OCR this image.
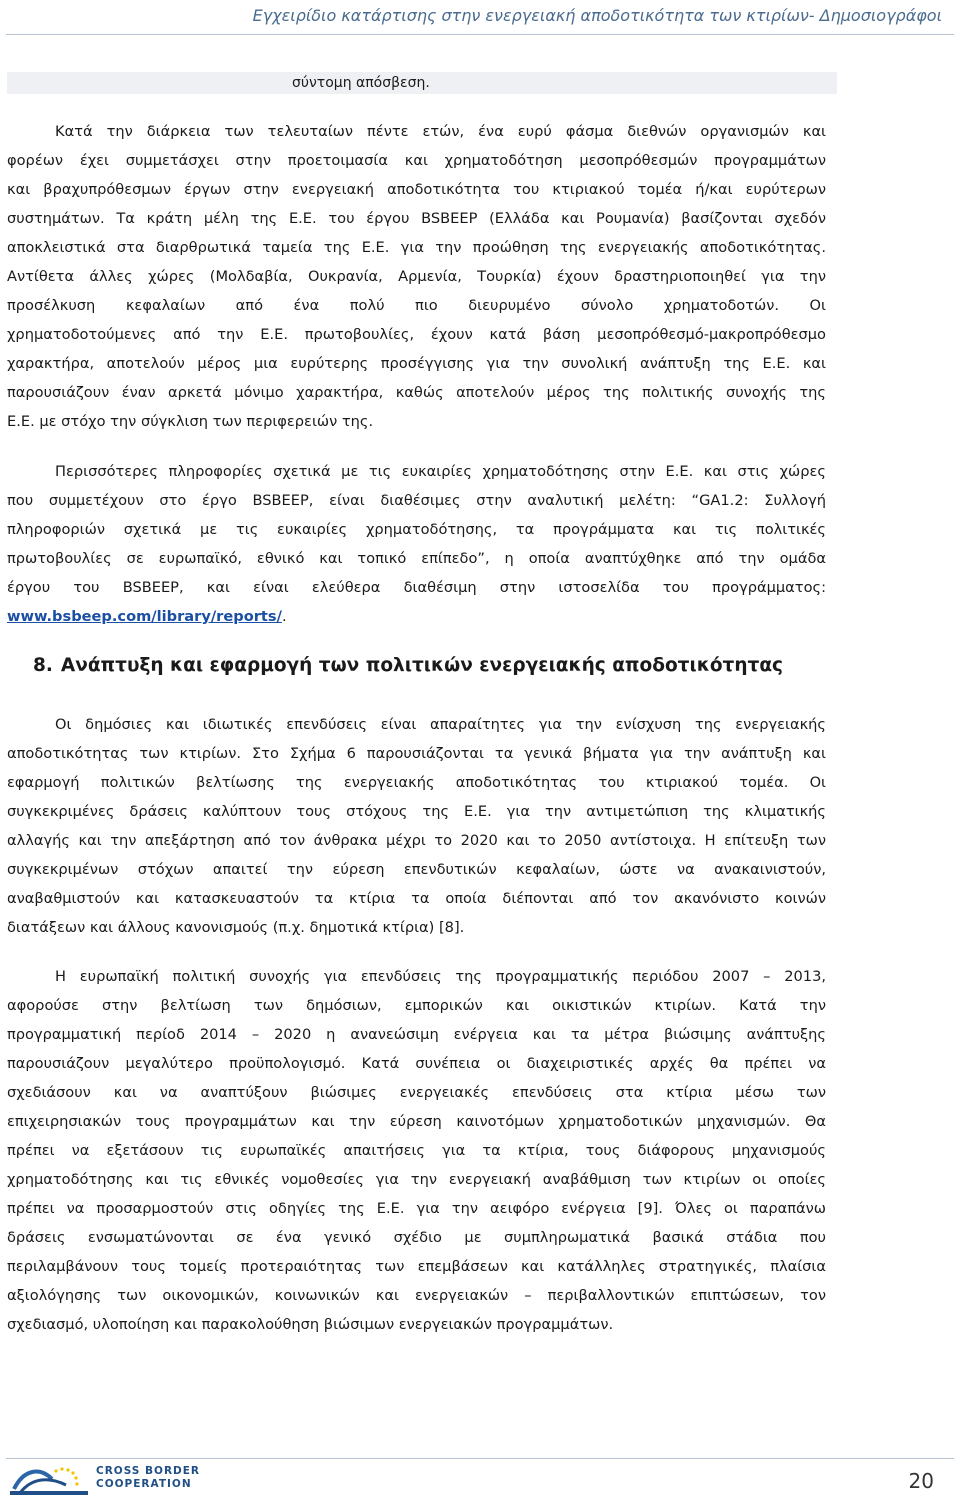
Εγχειρίδιο κατάρτισης στην ενεργειακή αποδοτικότητα των κτιρίων- Δημοσιογράφοι
σύντομη απόσβεση.

Κατά την διάρκεια των τελευταίων πέντε ετών, ένα ευρύ φάσμα διεθνών οργανισμών και
φορέων έχει συμμετάσχει στην προετοιμασία και χρηματοδότηση μεσοπρόθεσμών προγραμμάτων
και βραχυπρόθεσμων έργων στην ενεργειακή αποδοτικότητα του κτιριακού τομέα ή/και ευρύτερων
συστημάτων. Τα κράτη μέλη της Ε.Ε. του έργου BSBEEP (Ελλάδα και Ρουμανία) βασίζονται σχεδόν
αποκλειστικά στα διαρθρωτικά ταμεία της Ε.Ε. για την προώθηση της ενεργειακής αποδοτικότητας.
Αντίθετα άλλες χώρες (Μολδαβία, Ουκρανία, Αρμενία, Τουρκία) έχουν δραστηριοποιηθεί για την
προσέλκυση κεφαλαίων από ένα πολύ πιο διευρυμένο σύνολο χρηματοδοτών. Οι
χρηματοδοτούμενες από την Ε.Ε. πρωτοβουλίες, έχουν κατά βάση μεσοπρόθεσμό-μακροπρόθεσμο
χαρακτήρα, αποτελούν μέρος μια ευρύτερης προσέγγισης για την συνολική ανάπτυξη της Ε.Ε. και
παρουσιάζουν έναν αρκετά μόνιμο χαρακτήρα, καθώς αποτελούν μέρος της πολιτικής συνοχής της
Ε.Ε. με στόχο την σύγκλιση των περιφερειών της.

Περισσότερες πληροφορίες σχετικά με τις ευκαιρίες χρηματοδότησης στην Ε.Ε. και στις χώρες
που συμμετέχουν στο έργο BSBEEP, είναι διαθέσιμες στην αναλυτική μελέτη: “GA1.2: Συλλογή
πληροφοριών σχετικά με τις ευκαιρίες χρηματοδότησης, τα προγράμματα και τις πολιτικές
πρωτοβουλίες σε ευρωπαϊκό, εθνικό και τοπικό επίπεδο”, η οποία αναπτύχθηκε από την ομάδα
έργου του BSBEEP, και είναι ελεύθερα διαθέσιμη στην ιστοσελίδα του προγράμματος:
www.bsbeep.com/library/reports/.

8. Ανάπτυξη και εφαρμογή των πολιτικών ενεργειακής αποδοτικότητας

Οι δημόσιες και ιδιωτικές επενδύσεις είναι απαραίτητες για την ενίσχυση της ενεργειακής
αποδοτικότητας των κτιρίων. Στο Σχήμα 6 παρουσιάζονται τα γενικά βήματα για την ανάπτυξη και
εφαρμογή πολιτικών βελτίωσης της ενεργειακής αποδοτικότητας του κτιριακού τομέα. Οι
συγκεκριμένες δράσεις καλύπτουν τους στόχους της Ε.Ε. για την αντιμετώπιση της κλιματικής
αλλαγής και την απεξάρτηση από τον άνθρακα μέχρι το 2020 και το 2050 αντίστοιχα. Η επίτευξη των
συγκεκριμένων στόχων απαιτεί την εύρεση επενδυτικών κεφαλαίων, ώστε να ανακαινιστούν,
αναβαθμιστούν και κατασκευαστούν τα κτίρια τα οποία διέπονται από τον ακανόνιστο κοινών
διατάξεων και άλλους κανονισμούς (π.χ. δημοτικά κτίρια) [8].

Η ευρωπαϊκή πολιτική συνοχής για επενδύσεις της προγραμματικής περιόδου 2007 – 2013,
αφορούσε στην βελτίωση των δημόσιων, εμπορικών και οικιστικών κτιρίων. Κατά την
προγραμματική περίοδ 2014 – 2020 η ανανεώσιμη ενέργεια και τα μέτρα βιώσιμης ανάπτυξης
παρουσιάζουν μεγαλύτερο προϋπολογισμό. Κατά συνέπεια οι διαχειριστικές αρχές θα πρέπει να
σχεδιάσουν και να αναπτύξουν βιώσιμες ενεργειακές επενδύσεις στα κτίρια μέσω των
επιχειρησιακών τους προγραμμάτων και την εύρεση καινοτόμων χρηματοδοτικών μηχανισμών. Θα
πρέπει να εξετάσουν τις ευρωπαϊκές απαιτήσεις για τα κτίρια, τους διάφορους μηχανισμούς
χρηματοδότησης και τις εθνικές νομοθεσίες για την ενεργειακή αναβάθμιση των κτιρίων οι οποίες
πρέπει να προσαρμοστούν στις οδηγίες της Ε.Ε. για την αειφόρο ενέργεια [9]. Όλες οι παραπάνω
δράσεις ενσωματώνονται σε ένα γενικό σχέδιο με συμπληρωματικά βασικά στάδια που
περιλαμβάνουν τους τομείς προτεραιότητας των επεμβάσεων και κατάλληλες στρατηγικές, πλαίσια
αξιολόγησης των οικονομικών, κοινωνικών και ενεργειακών – περιβαλλοντικών επιπτώσεων, τον
σχεδιασμό, υλοποίηση και παρακολούθηση βιώσιμων ενεργειακών προγραμμάτων.

CROSS BORDER
COOPERATION	20
